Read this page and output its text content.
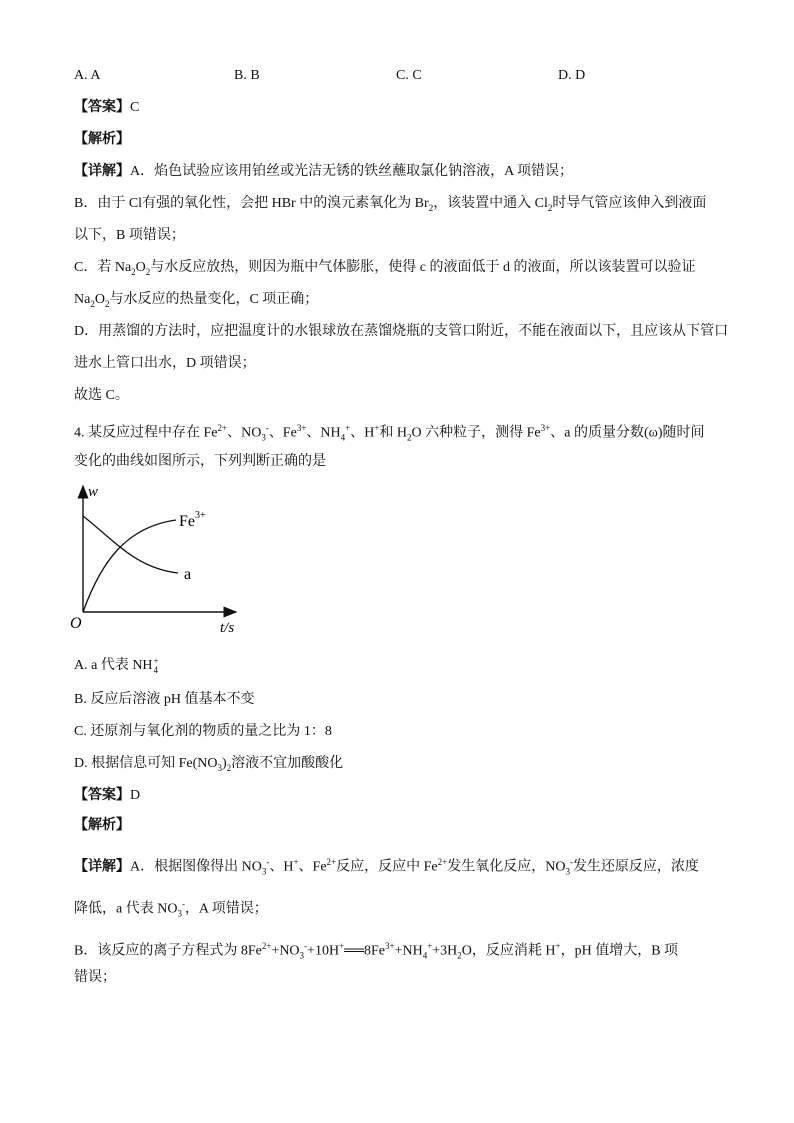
A. A	B. B	C. C	D. D
【答案】C
【解析】
【详解】A．焰色试验应该用铂丝或光洁无锈的铁丝蘸取氯化钠溶液，A 项错误；
B．由于 Cl有强的氧化性，会把 HBr 中的溴元素氧化为 $Br_2$，该装置中通入 $Cl_2$时导气管应该伸入到液面
以下，B 项错误；
C．若 $Na_2O_2$与水反应放热，则因为瓶中气体膨胀，使得 c 的液面低于 d 的液面，所以该装置可以验证
$Na_2O_2$与水反应的热量变化，C 项正确；
D．用蒸馏的方法时，应把温度计的水银球放在蒸馏烧瓶的支管口附近，不能在液面以下，且应该从下管口
进水上管口出水，D 项错误；
故选 C。
4. 某反应过程中存在 $Fe^{2+}$、$NO_3^-$、$Fe^{3+}$、$NH_4^+$、H+和 $H_2O$ 六种粒子，测得 $Fe^{3+}$、a 的质量分数(ω)随时间
变化的曲线如图所示，下列判断正确的是
w
t/s
O
$Fe^{3+}$
a
A. a 代表 NH +
4
B. 反应后溶液 pH 值基本不变
C. 还原剂与氧化剂的物质的量之比为 1：8
D. 根据信息可知 $Fe(NO_3)_2$溶液不宜加酸酸化
【答案】D
【解析】
【详解】A．根据图像得出 $NO_3^-$、H+、$Fe^{2+}$反应，反应中 $Fe^{2+}$发生氧化反应，$NO_3^-$发生还原反应，浓度
降低，a 代表 $NO_3^-$，A 项错误；
B．该反应的离子方程式为 $8Fe^{2+}+NO_3^-+10H^+══8Fe^{3+}+NH_4^++3H_2O$，反应消耗 H+，pH 值增大，B 项
错误；
